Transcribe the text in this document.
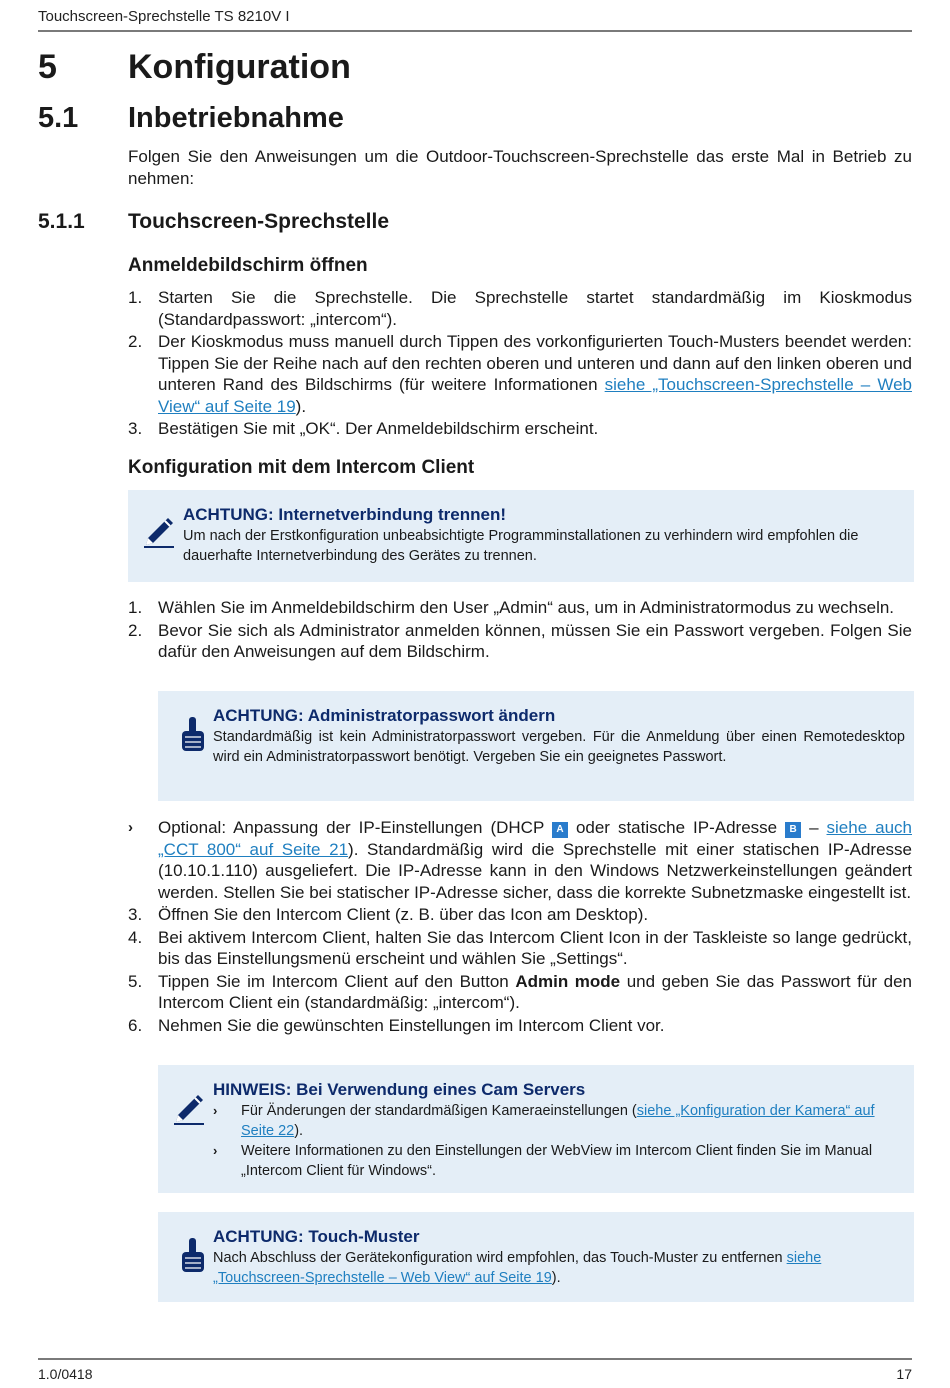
Touchscreen-Sprechstelle TS 8210V I
5 Konfiguration
5.1 Inbetriebnahme
Folgen Sie den Anweisungen um die Outdoor-Touchscreen-Sprechstelle das erste Mal in Betrieb zu nehmen:
5.1.1 Touchscreen-Sprechstelle
Anmeldebildschirm öffnen
1. Starten Sie die Sprechstelle. Die Sprechstelle startet standardmäßig im Kioskmodus (Standardpasswort: „intercom“).
2. Der Kioskmodus muss manuell durch Tippen des vorkonfigurierten Touch-Musters beendet werden: Tippen Sie der Reihe nach auf den rechten oberen und unteren und dann auf den linken oberen und unteren Rand des Bildschirms (für weitere Informationen siehe „Touchscreen-Sprechstelle – Web View“ auf Seite 19).
3. Bestätigen Sie mit „OK“. Der Anmeldebildschirm erscheint.
Konfiguration mit dem Intercom Client
ACHTUNG: Internetverbindung trennen!
Um nach der Erstkonfiguration unbeabsichtigte Programminstallationen zu verhindern wird empfohlen die dauerhafte Internetverbindung des Gerätes zu trennen.
1. Wählen Sie im Anmeldebildschirm den User „Admin“ aus, um in Administratormodus zu wechseln.
2. Bevor Sie sich als Administrator anmelden können, müssen Sie ein Passwort vergeben. Folgen Sie dafür den Anweisungen auf dem Bildschirm.
ACHTUNG: Administratorpasswort ändern
Standardmäßig ist kein Administratorpasswort vergeben. Für die Anmeldung über einen Remotedesktop wird ein Administratorpasswort benötigt. Vergeben Sie ein geeignetes Passwort.
› Optional: Anpassung der IP-Einstellungen (DHCP A oder statische IP-Adresse B – siehe auch „CCT 800“ auf Seite 21). Standardmäßig wird die Sprechstelle mit einer statischen IP-Adresse (10.10.1.110) ausgeliefert. Die IP-Adresse kann in den Windows Netzwerkeinstellungen geändert werden. Stellen Sie bei statischer IP-Adresse sicher, dass die korrekte Subnetzmaske eingestellt ist.
3. Öffnen Sie den Intercom Client (z. B. über das Icon am Desktop).
4. Bei aktivem Intercom Client, halten Sie das Intercom Client Icon in der Taskleiste so lange gedrückt, bis das Einstellungsmenü erscheint und wählen Sie „Settings“.
5. Tippen Sie im Intercom Client auf den Button Admin mode und geben Sie das Passwort für den Intercom Client ein (standardmäßig: „intercom“).
6. Nehmen Sie die gewünschten Einstellungen im Intercom Client vor.
HINWEIS: Bei Verwendung eines Cam Servers
› Für Änderungen der standardmäßigen Kameraeinstellungen (siehe „Konfiguration der Kamera“ auf Seite 22).
› Weitere Informationen zu den Einstellungen der WebView im Intercom Client finden Sie im Manual „Intercom Client für Windows“.
ACHTUNG: Touch-Muster
Nach Abschluss der Gerätekonfiguration wird empfohlen, das Touch-Muster zu entfernen siehe „Touchscreen-Sprechstelle – Web View“ auf Seite 19).
1.0/0418	17
